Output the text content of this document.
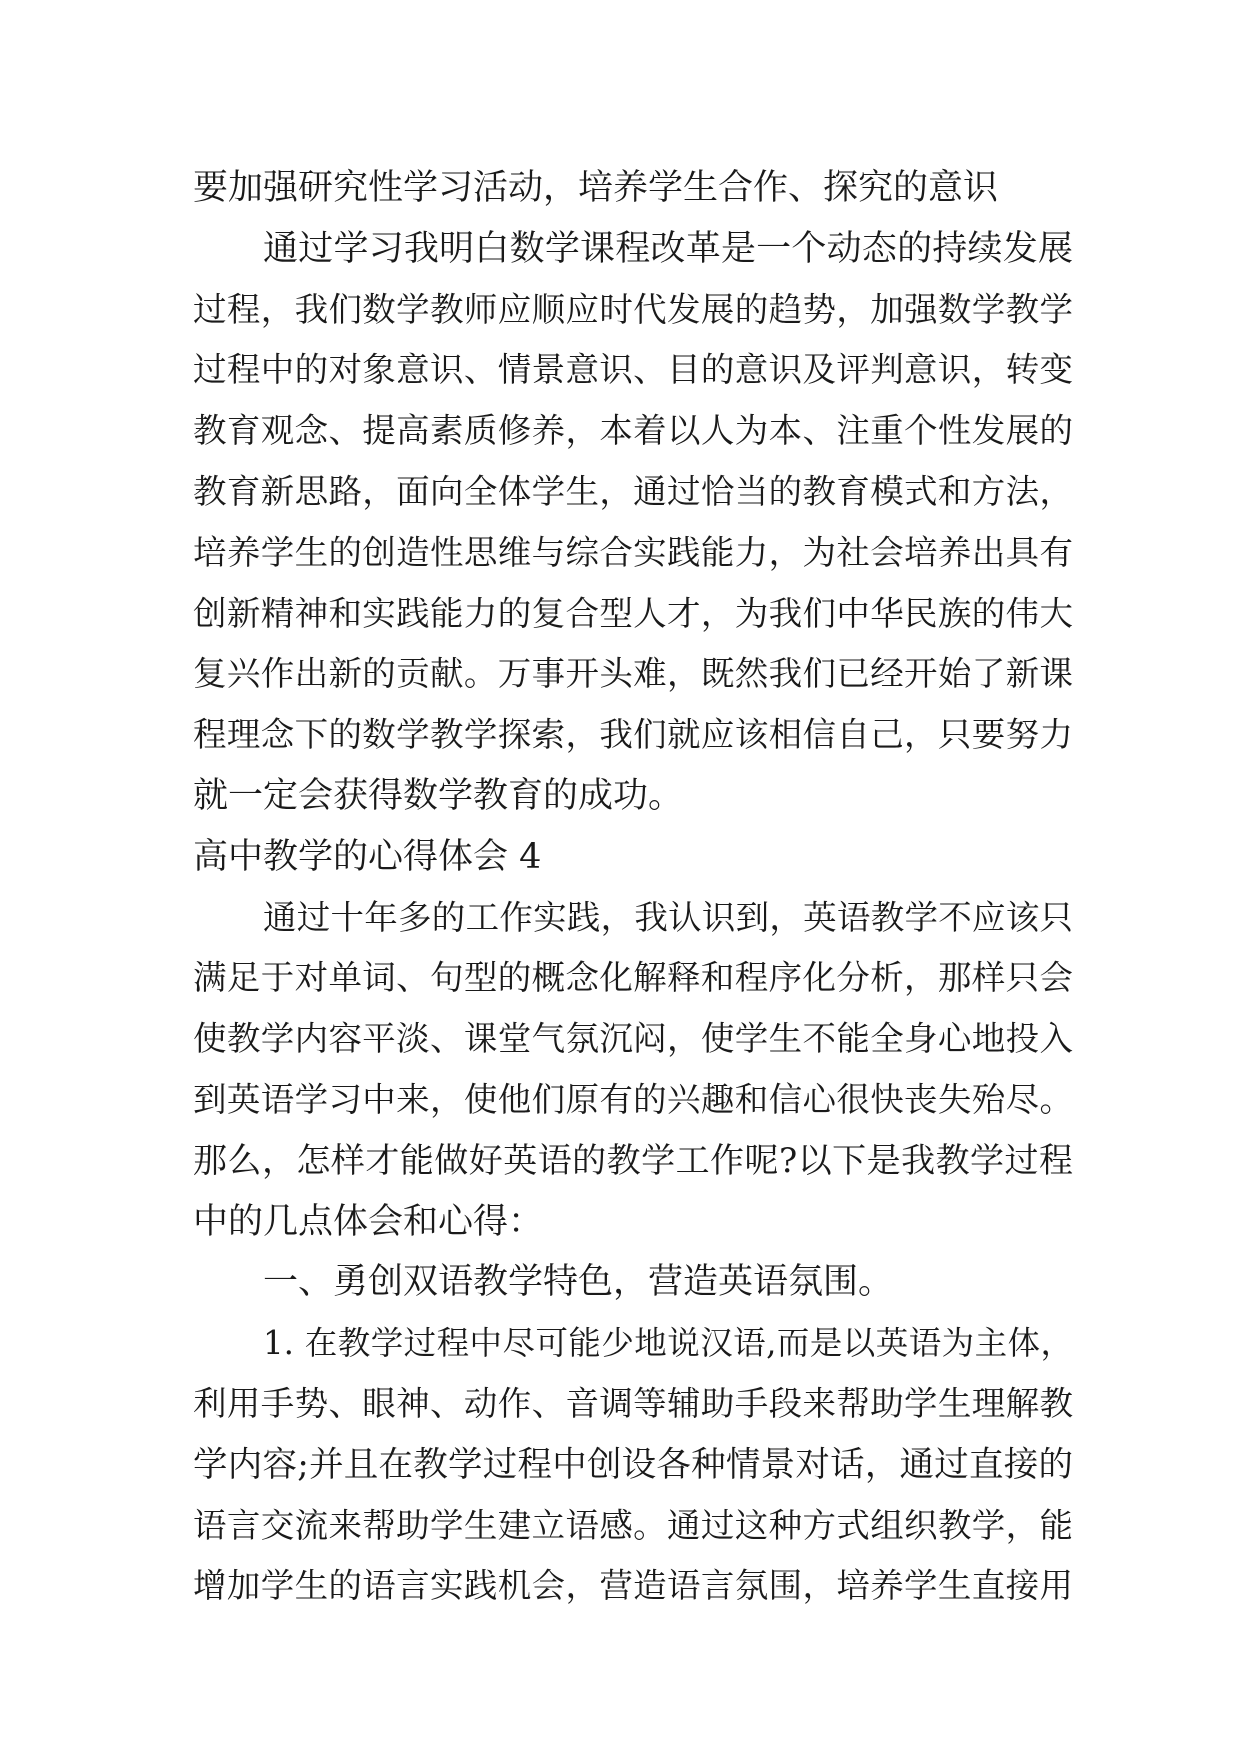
要加强研究性学习活动，培养学生合作、探究的意识
通过学习我明白数学课程改革是一个动态的持续发展
过程，我们数学教师应顺应时代发展的趋势，加强数学教学
过程中的对象意识、情景意识、目的意识及评判意识，转变
教育观念、提高素质修养，本着以人为本、注重个性发展的
教育新思路，面向全体学生，通过恰当的教育模式和方法，
培养学生的创造性思维与综合实践能力，为社会培养出具有
创新精神和实践能力的复合型人才，为我们中华民族的伟大
复兴作出新的贡献。万事开头难，既然我们已经开始了新课
程理念下的数学教学探索，我们就应该相信自己，只要努力
就一定会获得数学教育的成功。
高中教学的心得体会 4
通过十年多的工作实践，我认识到，英语教学不应该只
满足于对单词、句型的概念化解释和程序化分析，那样只会
使教学内容平淡、课堂气氛沉闷，使学生不能全身心地投入
到英语学习中来，使他们原有的兴趣和信心很快丧失殆尽。
那么，怎样才能做好英语的教学工作呢?以下是我教学过程
中的几点体会和心得：
一、勇创双语教学特色，营造英语氛围。
1. 在教学过程中尽可能少地说汉语,而是以英语为主体，
利用手势、眼神、动作、音调等辅助手段来帮助学生理解教
学内容;并且在教学过程中创设各种情景对话，通过直接的
语言交流来帮助学生建立语感。通过这种方式组织教学，能
增加学生的语言实践机会，营造语言氛围，培养学生直接用
